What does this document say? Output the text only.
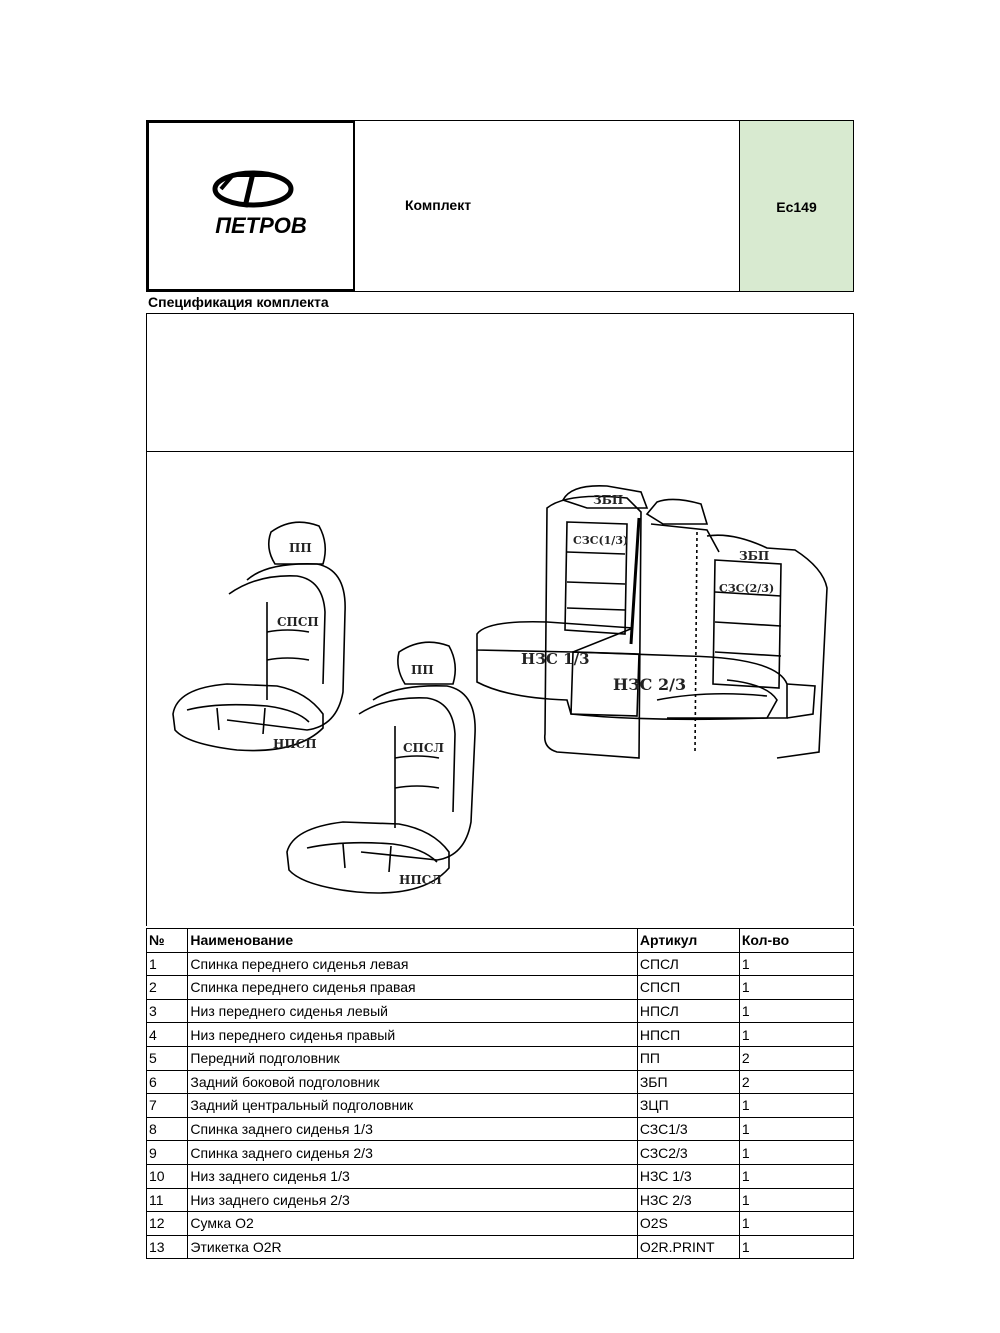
ПЕТРОВ
Комплект	Ec149
Спецификация комплекта
ПП
СПСП
НПСП
ПП
СПСЛ
НПСЛ
ЗБП
ЗБП
СЗС(1/3)
СЗС(2/3)
НЗС 1/3
НЗС 2/3
№	Наименование	Артикул	Кол-во
1	Спинка переднего сиденья левая	СПСЛ	1
2	Спинка переднего сиденья правая	СПСП	1
3	Низ переднего сиденья левый	НПСЛ	1
4	Низ переднего сиденья правый	НПСП	1
5	Передний подголовник	ПП	2
6	Задний боковой подголовник	ЗБП	2
7	Задний центральный подголовник	ЗЦП	1
8	Спинка заднего сиденья 1/3	СЗС1/3	1
9	Спинка заднего сиденья 2/3	СЗС2/3	1
10	Низ заднего сиденья 1/3	НЗС 1/3	1
11	Низ заднего сиденья 2/3	НЗС 2/3	1
12	Сумка O2	O2S	1
13	Этикетка O2R	O2R.PRINT	1
